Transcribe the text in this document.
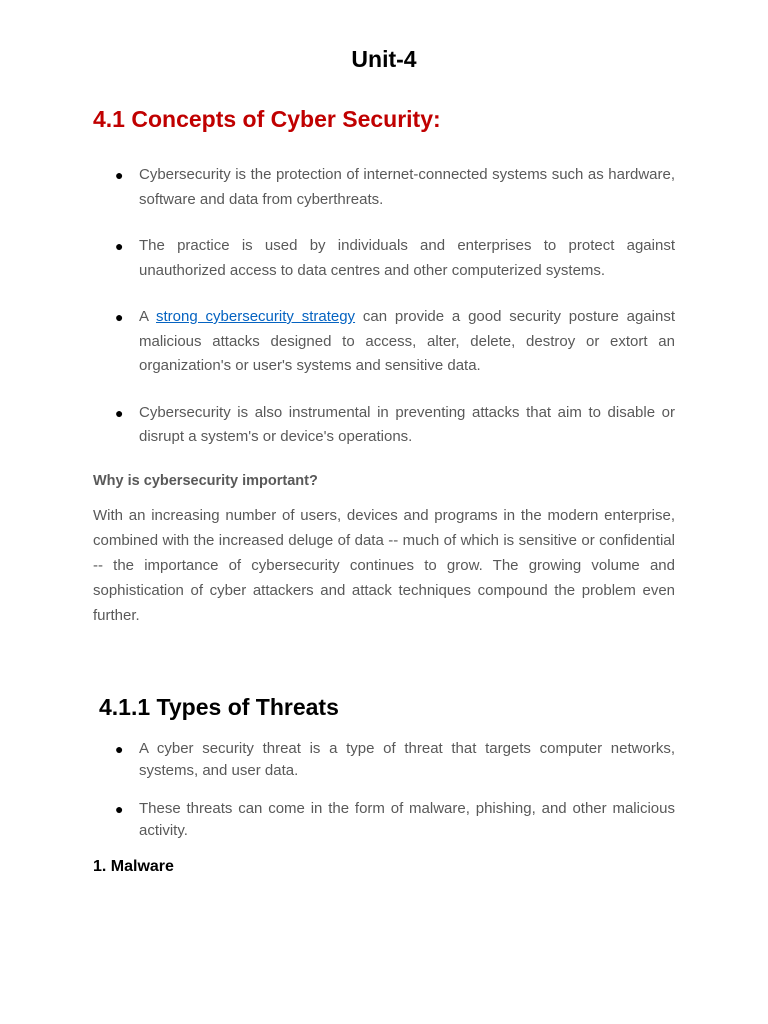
Unit-4
4.1 Concepts of Cyber Security:
● Cybersecurity is the protection of internet-connected systems such as hardware, software and data from cyberthreats.
● The practice is used by individuals and enterprises to protect against unauthorized access to data centres and other computerized systems.
● A strong cybersecurity strategy can provide a good security posture against malicious attacks designed to access, alter, delete, destroy or extort an organization's or user's systems and sensitive data.
● Cybersecurity is also instrumental in preventing attacks that aim to disable or disrupt a system's or device's operations.
Why is cybersecurity important?

With an increasing number of users, devices and programs in the modern enterprise, combined with the increased deluge of data -- much of which is sensitive or confidential -- the importance of cybersecurity continues to grow. The growing volume and sophistication of cyber attackers and attack techniques compound the problem even further.

4.1.1 Types of Threats
● A cyber security threat is a type of threat that targets computer networks, systems, and user data.
● These threats can come in the form of malware, phishing, and other malicious activity.
1. Malware
